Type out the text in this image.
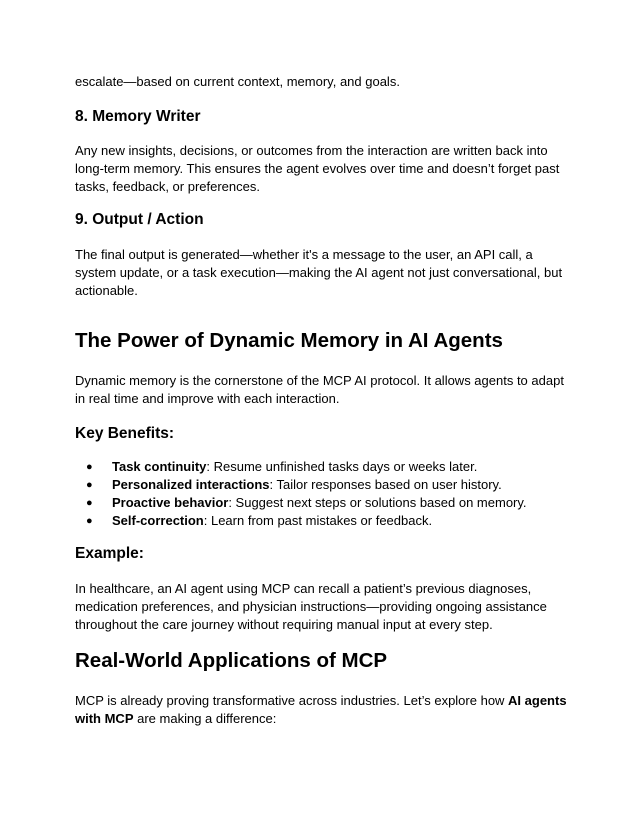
escalate—based on current context, memory, and goals.

8. Memory Writer

Any new insights, decisions, or outcomes from the interaction are written back into long-term memory. This ensures the agent evolves over time and doesn’t forget past tasks, feedback, or preferences.

9. Output / Action

The final output is generated—whether it's a message to the user, an API call, a system update, or a task execution—making the AI agent not just conversational, but actionable.

The Power of Dynamic Memory in AI Agents

Dynamic memory is the cornerstone of the MCP AI protocol. It allows agents to adapt in real time and improve with each interaction.

Key Benefits:
● Task continuity: Resume unfinished tasks days or weeks later.
● Personalized interactions: Tailor responses based on user history.
● Proactive behavior: Suggest next steps or solutions based on memory.
● Self-correction: Learn from past mistakes or feedback.
Example:

In healthcare, an AI agent using MCP can recall a patient’s previous diagnoses, medication preferences, and physician instructions—providing ongoing assistance throughout the care journey without requiring manual input at every step.

Real-World Applications of MCP

MCP is already proving transformative across industries. Let’s explore how AI agents with MCP are making a difference:
